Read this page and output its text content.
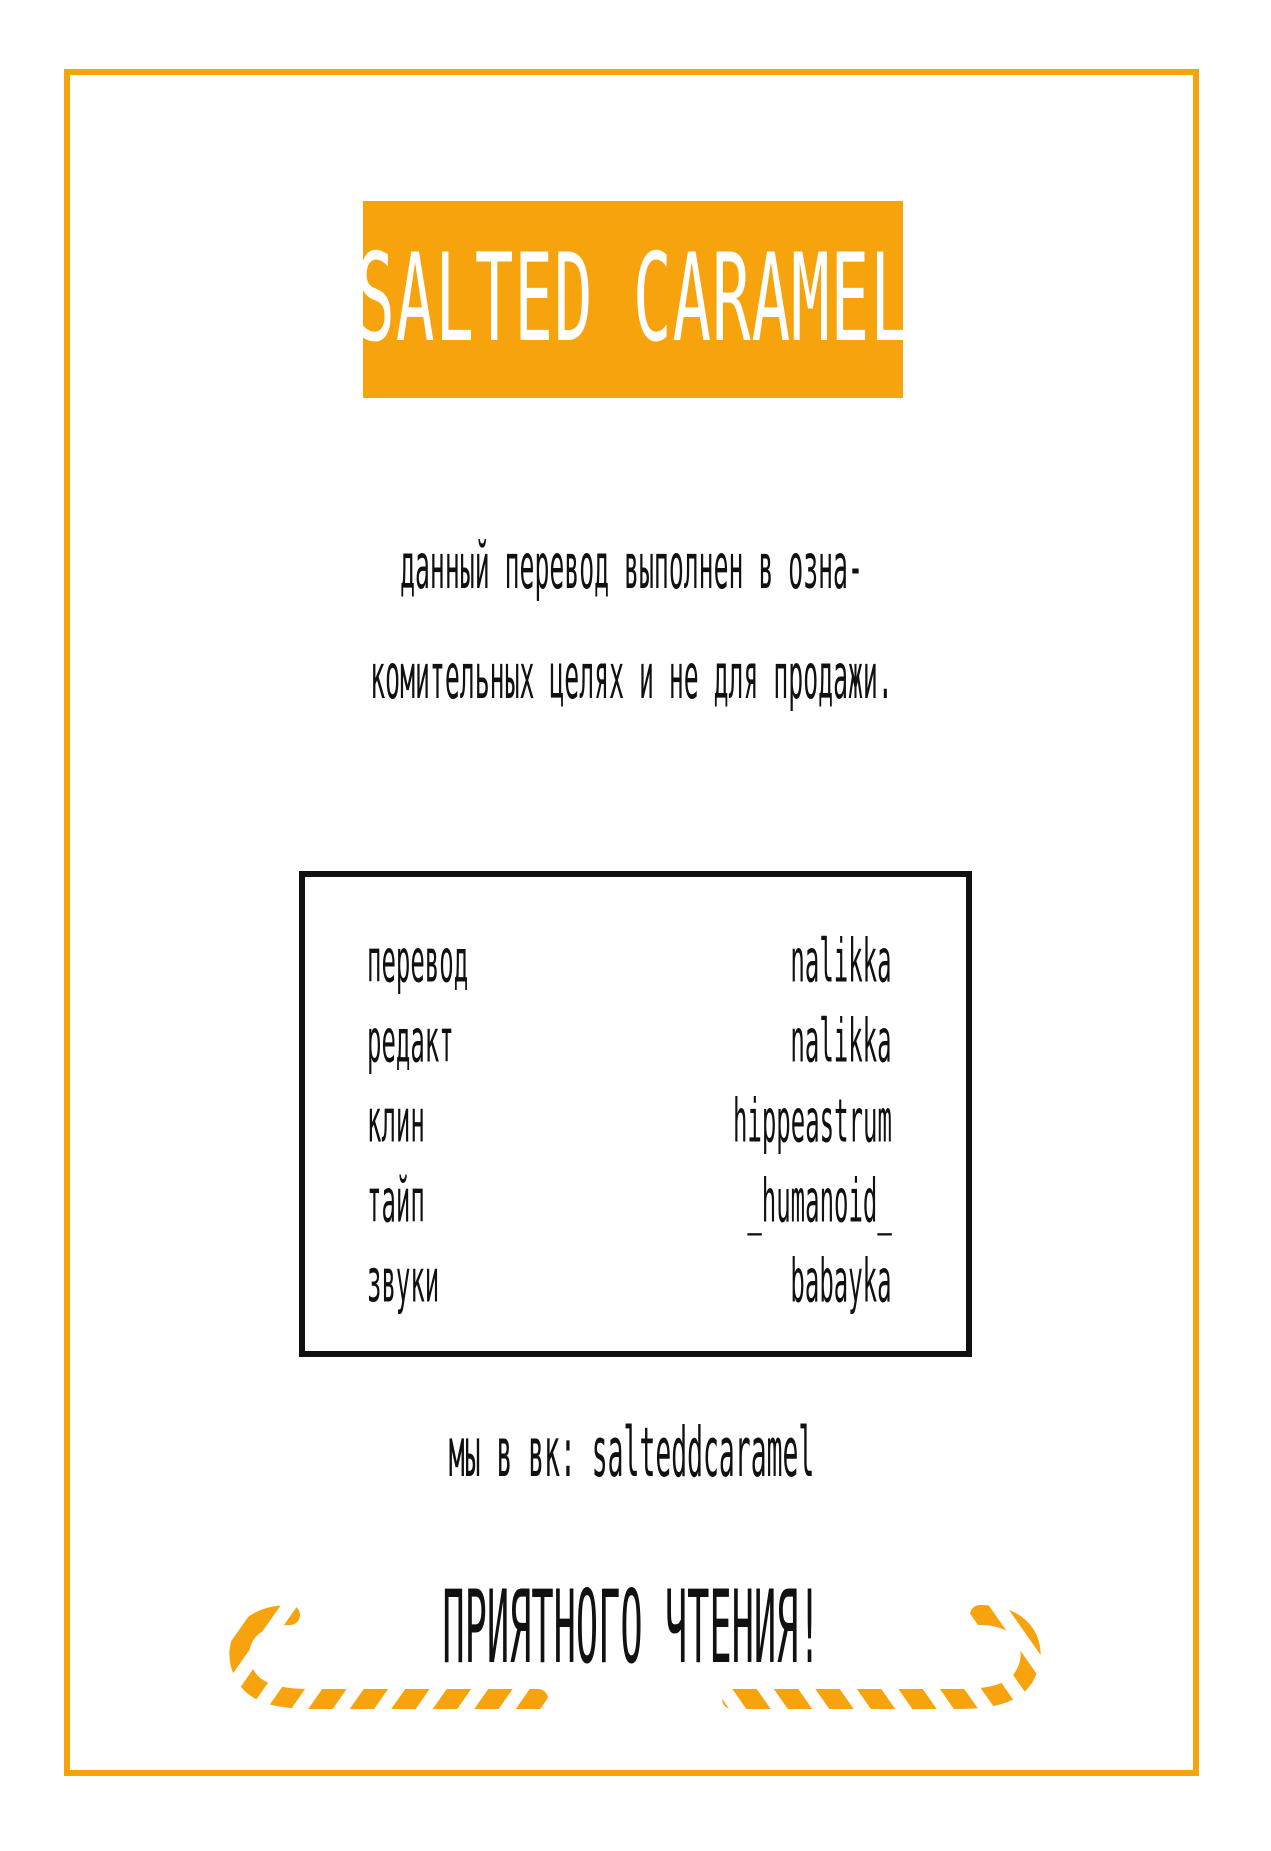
SALTED CARAMEL
данный перевод выполнен в озна-
комительных целях и не для продажи.
перевод	nalikka
редакт	nalikka
клин	hippeastrum
тайп	_humanoid_
звуки	babayka
мы в вк: salteddcaramel
ПРИЯТНОГО ЧТЕНИЯ!
